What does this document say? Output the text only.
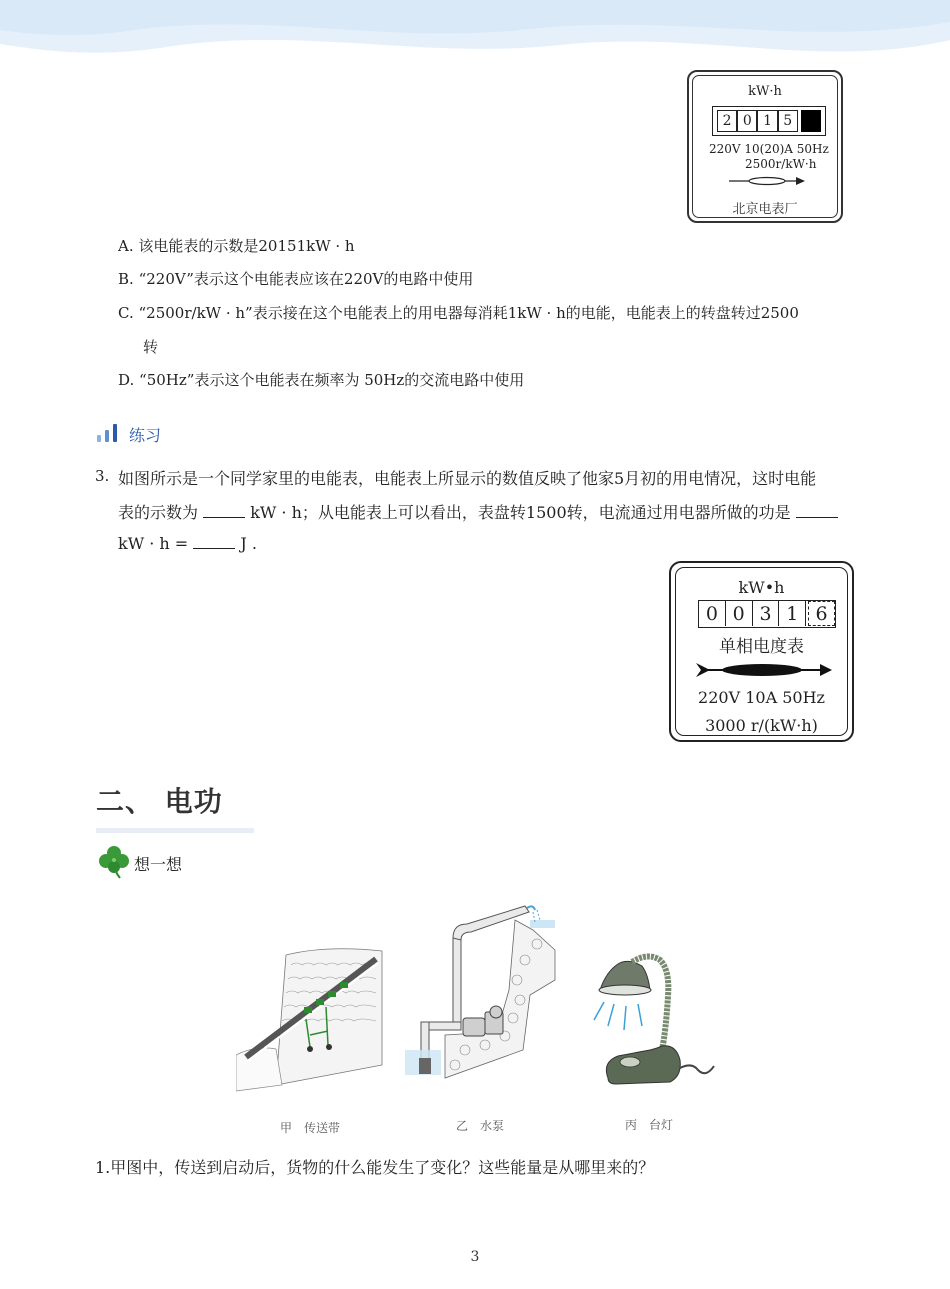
kW·h
2 0 1 5
220V 10(20)A 50Hz
2500r/kW·h
北京电表厂
A. 该电能表的示数是20151kW · h
B. “220V”表示这个电能表应该在220V的电路中使用
C. “2500r/kW · h”表示接在这个电能表上的用电器每消耗1kW · h的电能，电能表上的转盘转过2500
转
D. “50Hz”表示这个电能表在频率为 50Hz的交流电路中使用
练习
3. 如图所示是一个同学家里的电能表，电能表上所显示的数值反映了他家5月初的用电情况，这时电能
表的示数为	kW · h；从电能表上可以看出，表盘转1500转，电流通过用电器所做的功是
kW · h =	J .
kW•h
0 0 3 1 6
单相电度表
220V 10A 50Hz
3000 r/(kW·h)
二、 电功
想一想
甲　传送带	乙　水泵	丙　台灯
1.甲图中，传送到启动后，货物的什么能发生了变化？这些能量是从哪里来的？
3
